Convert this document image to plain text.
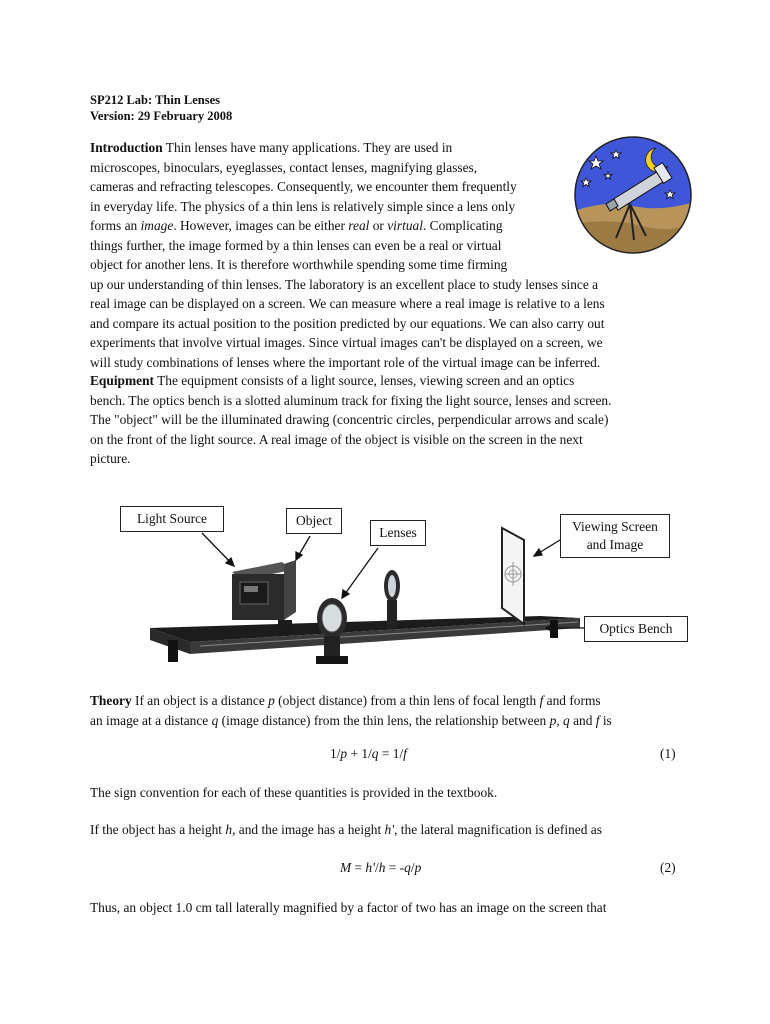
SP212 Lab: Thin Lenses
Version: 29 February 2008
Introduction Thin lenses have many applications. They are used in
microscopes, binoculars, eyeglasses, contact lenses, magnifying glasses,
cameras and refracting telescopes. Consequently, we encounter them frequently
in everyday life. The physics of a thin lens is relatively simple since a lens only
forms an image. However, images can be either real or virtual. Complicating
things further, the image formed by a thin lenses can even be a real or virtual
object for another lens. It is therefore worthwhile spending some time firming
up our understanding of thin lenses. The laboratory is an excellent place to study lenses since a
real image can be displayed on a screen. We can measure where a real image is relative to a lens
and compare its actual position to the position predicted by our equations. We can also carry out
experiments that involve virtual images. Since virtual images can't be displayed on a screen, we
will study combinations of lenses where the important role of the virtual image can be inferred.
Equipment The equipment consists of a light source, lenses, viewing screen and an optics
bench. The optics bench is a slotted aluminum track for fixing the light source, lenses and screen.
The "object" will be the illuminated drawing (concentric circles, perpendicular arrows and scale)
on the front of the light source. A real image of the object is visible on the screen in the next
picture.
Light Source	Object
Lenses	Viewing Screen
and Image
Optics Bench
Theory If an object is a distance p (object distance) from a thin lens of focal length f and forms
an image at a distance q (image distance) from the thin lens, the relationship between p, q and f is
1/p + 1/q = 1/f	(1)
The sign convention for each of these quantities is provided in the textbook.
If the object has a height h, and the image has a height h', the lateral magnification is defined as
M = h'/h = -q/p	(2)
Thus, an object 1.0 cm tall laterally magnified by a factor of two has an image on the screen that
